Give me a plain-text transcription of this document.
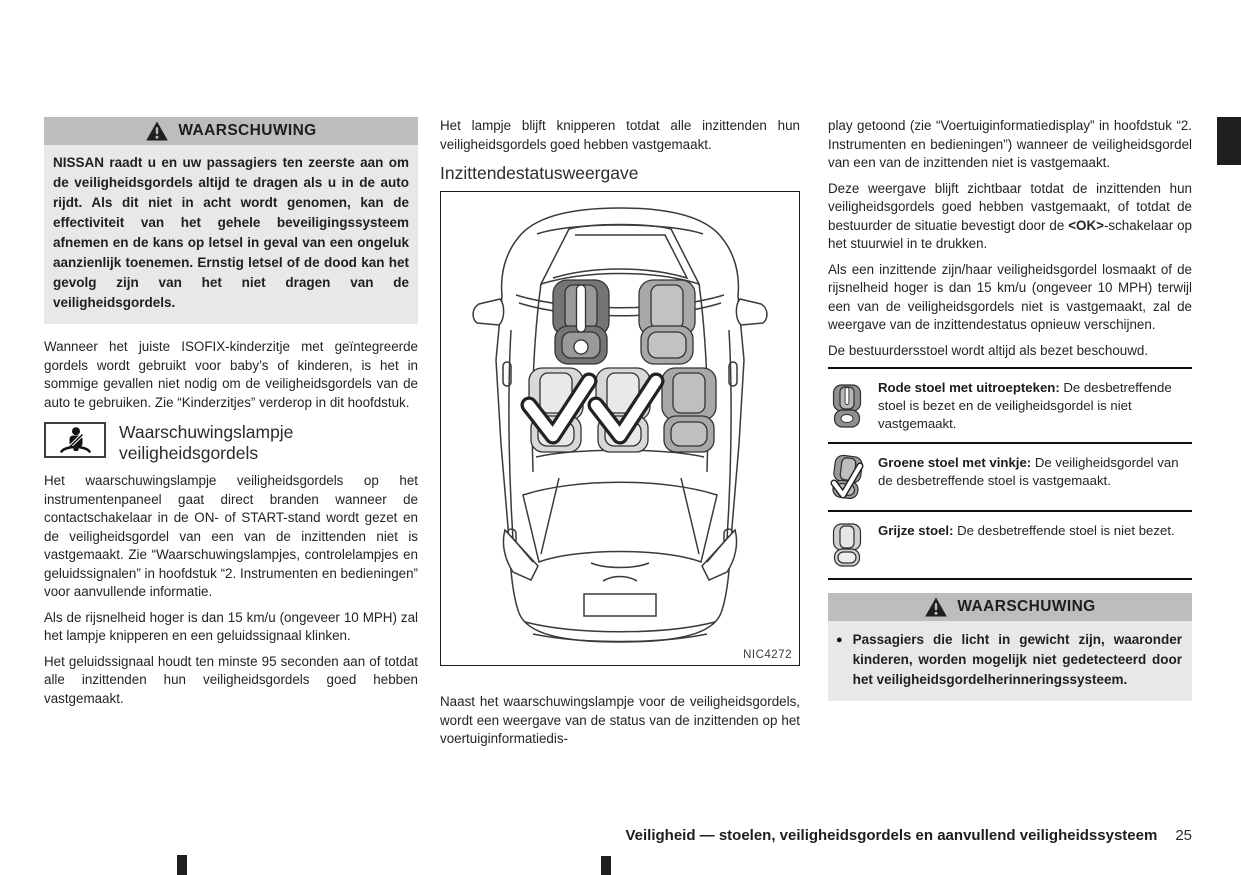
WAARSCHUWING
NISSAN raadt u en uw passagiers ten zeerste aan om de veiligheidsgordels altijd te dragen als u in de auto rijdt. Als dit niet in acht wordt genomen, kan de effectiviteit van het gehele beveiligingssysteem afnemen en de kans op letsel in geval van een ongeluk aanzienlijk toenemen. Ernstig letsel of de dood kan het gevolg zijn van het niet dragen van de veiligheidsgordels.

Wanneer het juiste ISOFIX-kinderzitje met geïntegreerde gordels wordt gebruikt voor baby’s of kinderen, is het in sommige gevallen niet nodig om de veiligheidsgordels van de auto te gebruiken. Zie “Kinderzitjes” verderop in dit hoofdstuk.

Waarschuwingslampje veiligheidsgordels

Het waarschuwingslampje veiligheidsgordels op het instrumentenpaneel gaat direct branden wanneer de contactschakelaar in de ON- of START-stand wordt gezet en de veiligheidsgordel van een van de inzittenden niet is vastgemaakt. Zie “Waarschuwingslampjes, controlelampjes en geluidssignalen” in hoofdstuk “2. Instrumenten en bedieningen” voor aanvullende informatie.

Als de rijsnelheid hoger is dan 15 km/u (ongeveer 10 MPH) zal het lampje knipperen en een geluidssignaal klinken.

Het geluidssignaal houdt ten minste 95 seconden aan of totdat alle inzittenden hun veiligheidsgordels goed hebben vastgemaakt.

Het lampje blijft knipperen totdat alle inzittenden hun veiligheidsgordels goed hebben vastgemaakt.

Inzittendestatusweergave
NIC4272

Naast het waarschuwingslampje voor de veiligheidsgordels, wordt een weergave van de status van de inzittenden op het voertuiginformatiedis-

play getoond (zie “Voertuiginformatiedisplay” in hoofdstuk “2. Instrumenten en bedieningen”) wanneer de veiligheidsgordel van een van de inzittenden niet is vastgemaakt.

Deze weergave blijft zichtbaar totdat de inzittenden hun veiligheidsgordels goed hebben vastgemaakt, of totdat de bestuurder de situatie bevestigt door de <OK>-schakelaar op het stuurwiel in te drukken.

Als een inzittende zijn/haar veiligheidsgordel losmaakt of de rijsnelheid hoger is dan 15 km/u (ongeveer 10 MPH) terwijl een van de veiligheidsgordels niet is vastgemaakt, zal de weergave van de inzittendestatus opnieuw verschijnen.

De bestuurdersstoel wordt altijd als bezet beschouwd.

Rode stoel met uitroepteken: De desbetreffende stoel is bezet en de veiligheidsgordel is niet vastgemaakt.
Groene stoel met vinkje: De veiligheidsgordel van de desbetreffende stoel is vastgemaakt.
Grijze stoel: De desbetreffende stoel is niet bezet.
WAARSCHUWING
● Passagiers die licht in gewicht zijn, waaronder kinderen, worden mogelijk niet gedetecteerd door het veiligheidsgordelherinneringssysteem.
Veiligheid — stoelen, veiligheidsgordels en aanvullend veiligheidssysteem 25
